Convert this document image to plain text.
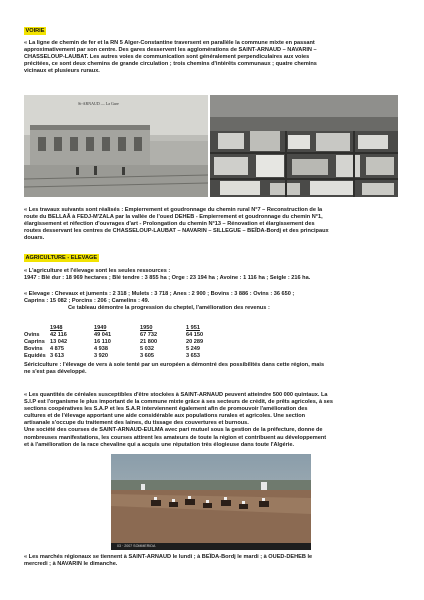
VOIRIE
« La ligne de chemin de fer et la RN 5 Alger-Constantine traversent en parallèle la commune mixte en passant
approximativement par son centre. Des gares desservent les agglomérations de SAINT-ARNAUD – NAVARIN –
CHASSELOUP-LAUBAT. Les autres voies de communication sont généralement perpendiculaires aux voies
précitées, ce sont deux chemins de grande circulation ; trois chemins d'intérêts communaux ; quatre chemins
vicinaux et plusieurs ruraux.
St-ARNAUD — La Gare
« Les travaux suivants sont réalisés : Empierrement et goudronnage du chemin rural N°7 – Reconstruction de la
route du BELLAÂ à FEDJ-M'ZALA par la vallée de l'oued DEHEB - Empierrement et goudronnage du chemin N°1,
élargissement et réfection d'ouvrages d'art - Prolongation du chemin N°13 – Rénovation et élargissement des
routes desservant les centres de CHASSELOUP-LAUBAT – NAVARIN – SILLEGUE – BEÏDA-Bordj et des principaux
douars.
AGRICULTURE - ELEVAGE
« L'agriculture et l'élevage sont les seules ressources :
1947 : Blé dur : 18 969 hectares ; Blé tendre : 3 855 ha ; Orge : 23 194 ha ; Avoine : 1 116 ha ; Seigle : 216 ha.
« Elevage : Chevaux et juments : 2 318 ; Mulets : 3 718 ; Anes : 2 900 ; Bovins : 3 886 : Ovins : 36 650 ;
Caprins : 15 082 ; Porcins : 206 ; Camelins : 49.
Ce tableau démontre la progression du cheptel, l'amélioration des revenus :
1948	1949	1950	1 951
Ovins 42 116	49 041	67 732	64 150
Caprins 13 042	16 110	21 800	20 289
Bovins 4 875	4 938	5 032	5 249
Equidés 3 613	3 920	3 605	3 653
Sériciculture : l'élevage de vers à soie tenté par un européen a démontré des possibilités dans cette région, mais
ne s'est pas développé.
« Les quantités de céréales susceptibles d'être stockées à SAINT-ARNAUD peuvent atteindre 500 000 quintaux. La
S.I.P est l'organisme le plus important de la commune mixte grâce à ses secteurs de crédit, de prêts agricoles, à ses
sections coopératives les S.A.P et les S.A.R interviennent également afin de promouvoir l'amélioration des
cultures et de l'élevage apportant une aide considérable aux populations rurales et agricoles. Une section
artisanale s'occupe du traitement des laines, du tissage des couvertures et burnous.
Une société des courses de SAINT-ARNAUD-EULMA avec pari mutuel sous la gestion de la préfecture, donne de
nombreuses manifestations, les courses attirent les amateurs de toute la région et contribuent au développement
et à l'amélioration de la race chevaline qui a acquis une réputation très élogieuse dans toute l'Algérie.
03 · 2007 SOMMERIDA
« Les marchés régionaux se tiennent à SAINT-ARNAUD le lundi ; à BEÏDA-Bordj le mardi ; à OUED-DEHEB le
mercredi ; à NAVARIN le dimanche.
